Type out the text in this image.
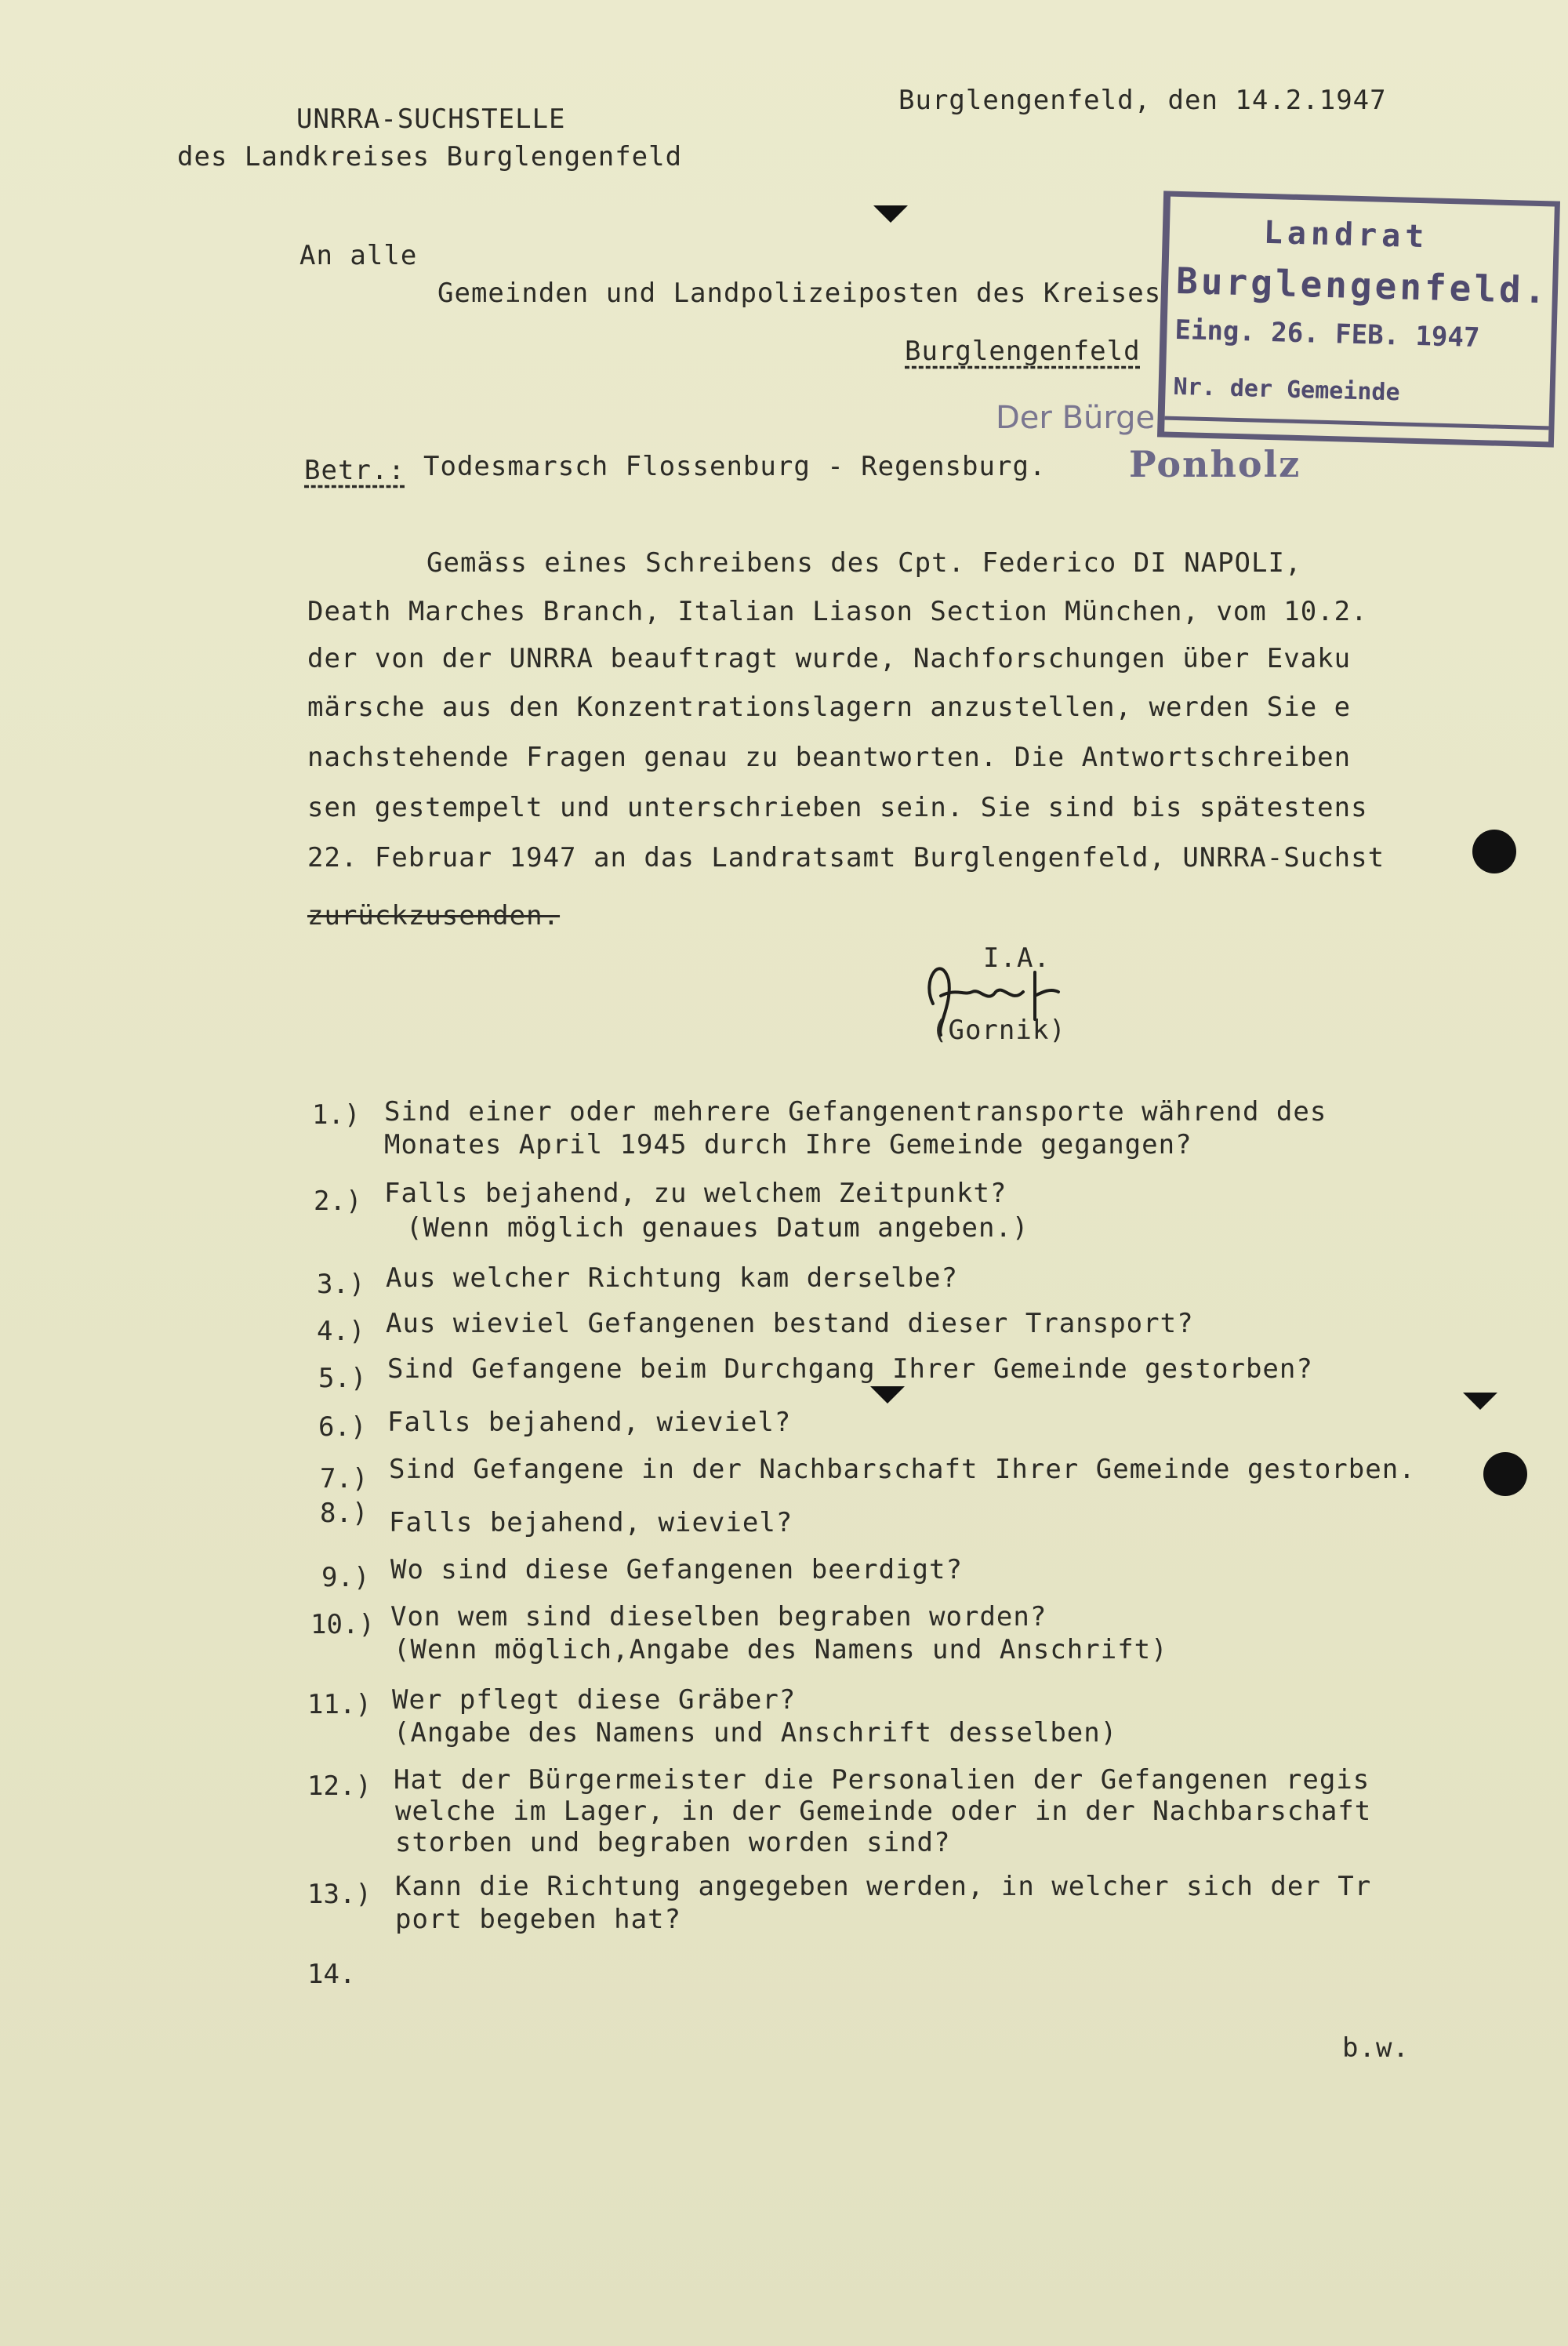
UNRRA-SUCHSTELLE
des Landkreises Burglengenfeld
Burglengenfeld, den 14.2.1947
An alle
Gemeinden und Landpolizeiposten des Kreises
Burglengenfeld
Landrat
Burglengenfeld.
Eing. 26. FEB. 1947
Nr. der Gemeinde
Der Bürge
Ponholz
Betr.: Todesmarsch Flossenburg - Regensburg.
Gemäss eines Schreibens des Cpt. Federico DI NAPOLI,
Death Marches Branch, Italian Liason Section München, vom 10.2.
der von der UNRRA beauftragt wurde, Nachforschungen über Evaku
märsche aus den Konzentrationslagern anzustellen, werden Sie e
nachstehende Fragen genau zu beantworten. Die Antwortschreiben
sen gestempelt und unterschrieben sein. Sie sind bis spätestens
22. Februar 1947 an das Landratsamt Burglengenfeld, UNRRA-Suchst
zurückzusenden.
I.A.
(Gornik)
1.) Sind einer oder mehrere Gefangenentransporte während des
Monates April 1945 durch Ihre Gemeinde gegangen?
2.) Falls bejahend, zu welchem Zeitpunkt?
(Wenn möglich genaues Datum angeben.)
3.) Aus welcher Richtung kam derselbe?
4.) Aus wieviel Gefangenen bestand dieser Transport?
5.) Sind Gefangene beim Durchgang Ihrer Gemeinde gestorben?
6.) Falls bejahend, wieviel?
7.) Sind Gefangene in der Nachbarschaft Ihrer Gemeinde gestorben.
8.) Falls bejahend, wieviel?
9.) Wo sind diese Gefangenen beerdigt?
10.) Von wem sind dieselben begraben worden?
(Wenn möglich,Angabe des Namens und Anschrift)
11.) Wer pflegt diese Gräber?
(Angabe des Namens und Anschrift desselben)
12.) Hat der Bürgermeister die Personalien der Gefangenen regis
welche im Lager, in der Gemeinde oder in der Nachbarschaft
storben und begraben worden sind?
13.) Kann die Richtung angegeben werden, in welcher sich der Tr
port begeben hat?
14.
b.w.
